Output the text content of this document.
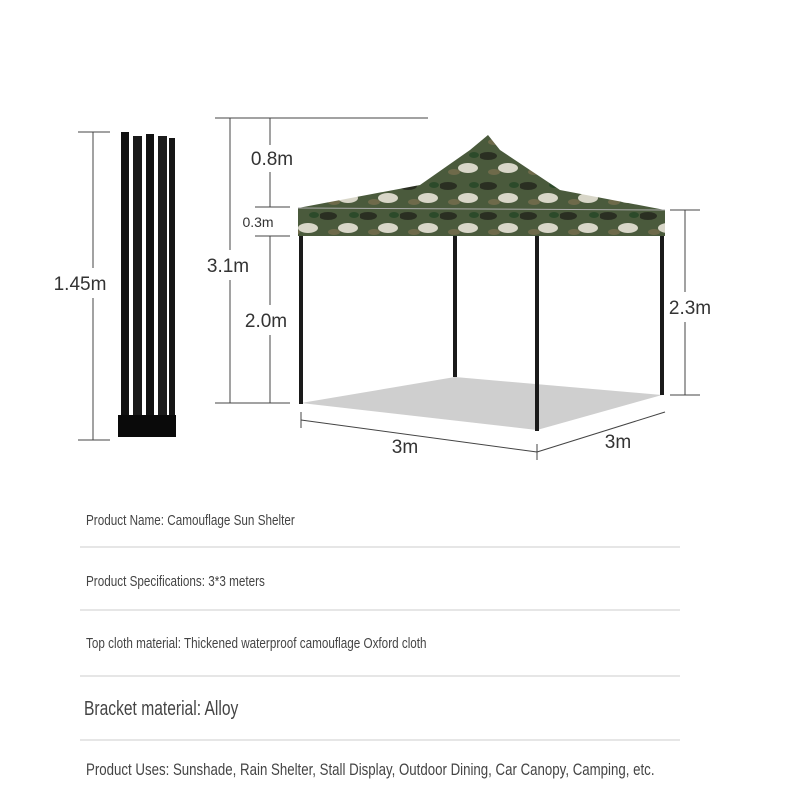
1.45m
3.1m
0.8m
0.3m
2.0m
2.3m
3m	3m
Product Name: Camouflage Sun Shelter
Product Specifications: 3*3 meters
Top cloth material: Thickened waterproof camouflage Oxford cloth
Bracket material: Alloy
Product Uses: Sunshade, Rain Shelter, Stall Display, Outdoor Dining, Car Canopy, Camping, etc.
